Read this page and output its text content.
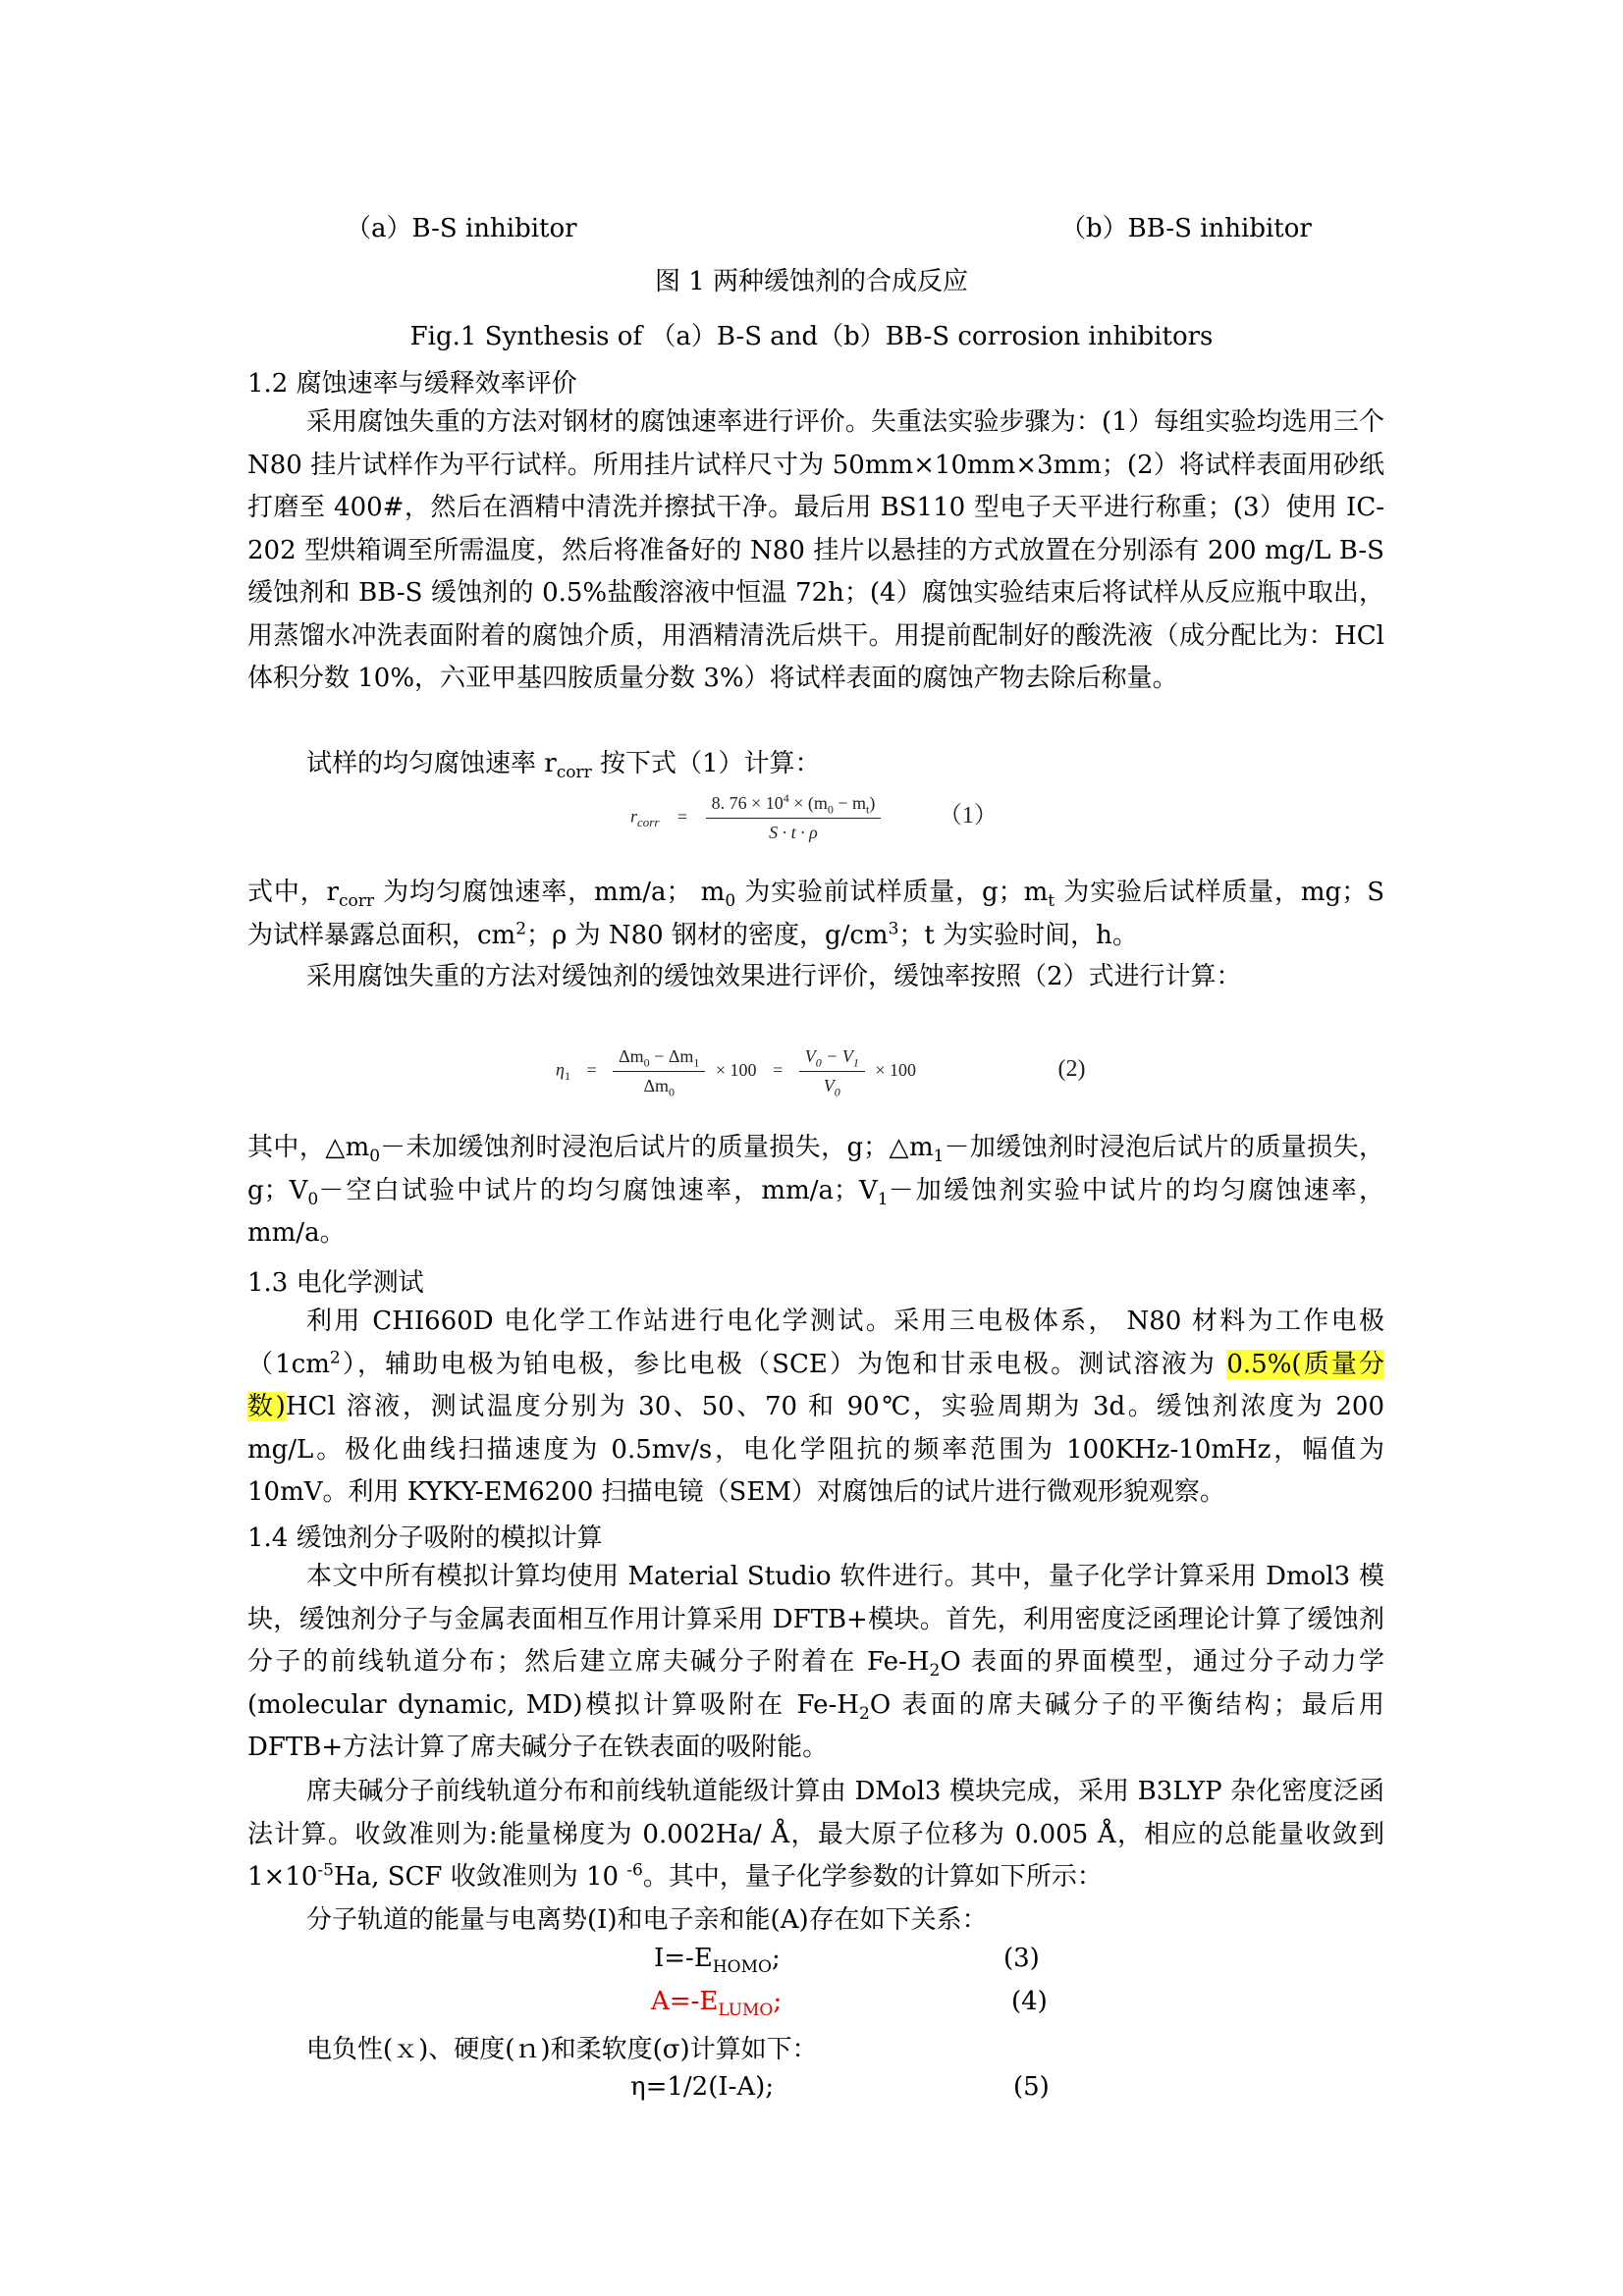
（a）B-S inhibitor	（b）BB-S inhibitor
图 1 两种缓蚀剂的合成反应
Fig.1 Synthesis of （a）B-S and（b）BB-S corrosion inhibitors
1.2 腐蚀速率与缓释效率评价
采用腐蚀失重的方法对钢材的腐蚀速率进行评价。失重法实验步骤为：(1）每组实验均选用三个 N80 挂片试样作为平行试样。所用挂片试样尺寸为 50mm×10mm×3mm；(2）将试样表面用砂纸打磨至 400#，然后在酒精中清洗并擦拭干净。最后用 BS110 型电子天平进行称重；(3）使用 IC-202 型烘箱调至所需温度，然后将准备好的 N80 挂片以悬挂的方式放置在分别添有 200 mg/L B-S 缓蚀剂和 BB-S 缓蚀剂的 0.5%盐酸溶液中恒温 72h；(4）腐蚀实验结束后将试样从反应瓶中取出，用蒸馏水冲洗表面附着的腐蚀介质，用酒精清洗后烘干。用提前配制好的酸洗液（成分配比为：HCl 体积分数 10%，六亚甲基四胺质量分数 3%）将试样表面的腐蚀产物去除后称量。
试样的均匀腐蚀速率 $r_{corr}$ 按下式（1）计算：
$r_{corr} = \frac{8. 76 \times 10^4 \times (m_0 - m_t)}{S \cdot t \cdot \rho} (1)$
式中，$r_{corr}$ 为均匀腐蚀速率，mm/a； $m_0$ 为实验前试样质量，g；$m_t$ 为实验后试样质量，mg；S 为试样暴露总面积，$cm^2$；ρ 为 N80 钢材的密度，$g/cm^3$；t 为实验时间，h。
采用腐蚀失重的方法对缓蚀剂的缓蚀效果进行评价，缓蚀率按照（2）式进行计算：
$\eta_1 = \frac{\Delta m_0 - \Delta m_1}{\Delta m_0} \times 100 = \frac{V_0 - V_1}{V_0} \times 100$	(2)
其中，$\triangle m_0-$未加缓蚀剂时浸泡后试片的质量损失，g；$\triangle m_1-$加缓蚀剂时浸泡后试片的质量损失，g；$V_0-$空白试验中试片的均匀腐蚀速率，mm/a；$V_1-$加缓蚀剂实验中试片的均匀腐蚀速率，mm/a。
1.3 电化学测试
利用 CHI660D 电化学工作站进行电化学测试。采用三电极体系， N80 材料为工作电极$(1cm^2)$，辅助电极为铂电极，参比电极（SCE）为饱和甘汞电极。测试溶液为 0.5%(质量分数)HCl 溶液，测试温度分别为 30、50、70 和 90℃，实验周期为 3d。缓蚀剂浓度为 200 mg/L。极化曲线扫描速度为 0.5mv/s，电化学阻抗的频率范围为 100KHz-10mHz，幅值为 10mV。利用 KYKY-EM6200 扫描电镜（SEM）对腐蚀后的试片进行微观形貌观察。
1.4 缓蚀剂分子吸附的模拟计算
本文中所有模拟计算均使用 Material Studio 软件进行。其中，量子化学计算采用 Dmol3 模块，缓蚀剂分子与金属表面相互作用计算采用 DFTB+模块。首先，利用密度泛函理论计算了缓蚀剂分子的前线轨道分布；然后建立席夫碱分子附着在 $Fe-H_2O$ 表面的界面模型，通过分子动力学(molecular dynamic, MD)模拟计算吸附在 $Fe-H_2O$ 表面的席夫碱分子的平衡结构；最后用 DFTB+方法计算了席夫碱分子在铁表面的吸附能。
席夫碱分子前线轨道分布和前线轨道能级计算由 DMol3 模块完成，采用 B3LYP 杂化密度泛函法计算。收敛准则为:能量梯度为 0.002Ha/ Å，最大原子位移为 0.005 Å，相应的总能量收敛到 $1\times 10^{-5}Ha$, SCF 收敛准则为 10 $^{-6}$。其中，量子化学参数的计算如下所示：
分子轨道的能量与电离势(I)和电子亲和能(A)存在如下关系：
$I=-E_{HOMO}$;	(3)
$A=-E_{LUMO}$;	(4)
电负性(ｘ)、硬度(ｎ)和柔软度(σ)计算如下：
η=1/2(I-A);	(5)
